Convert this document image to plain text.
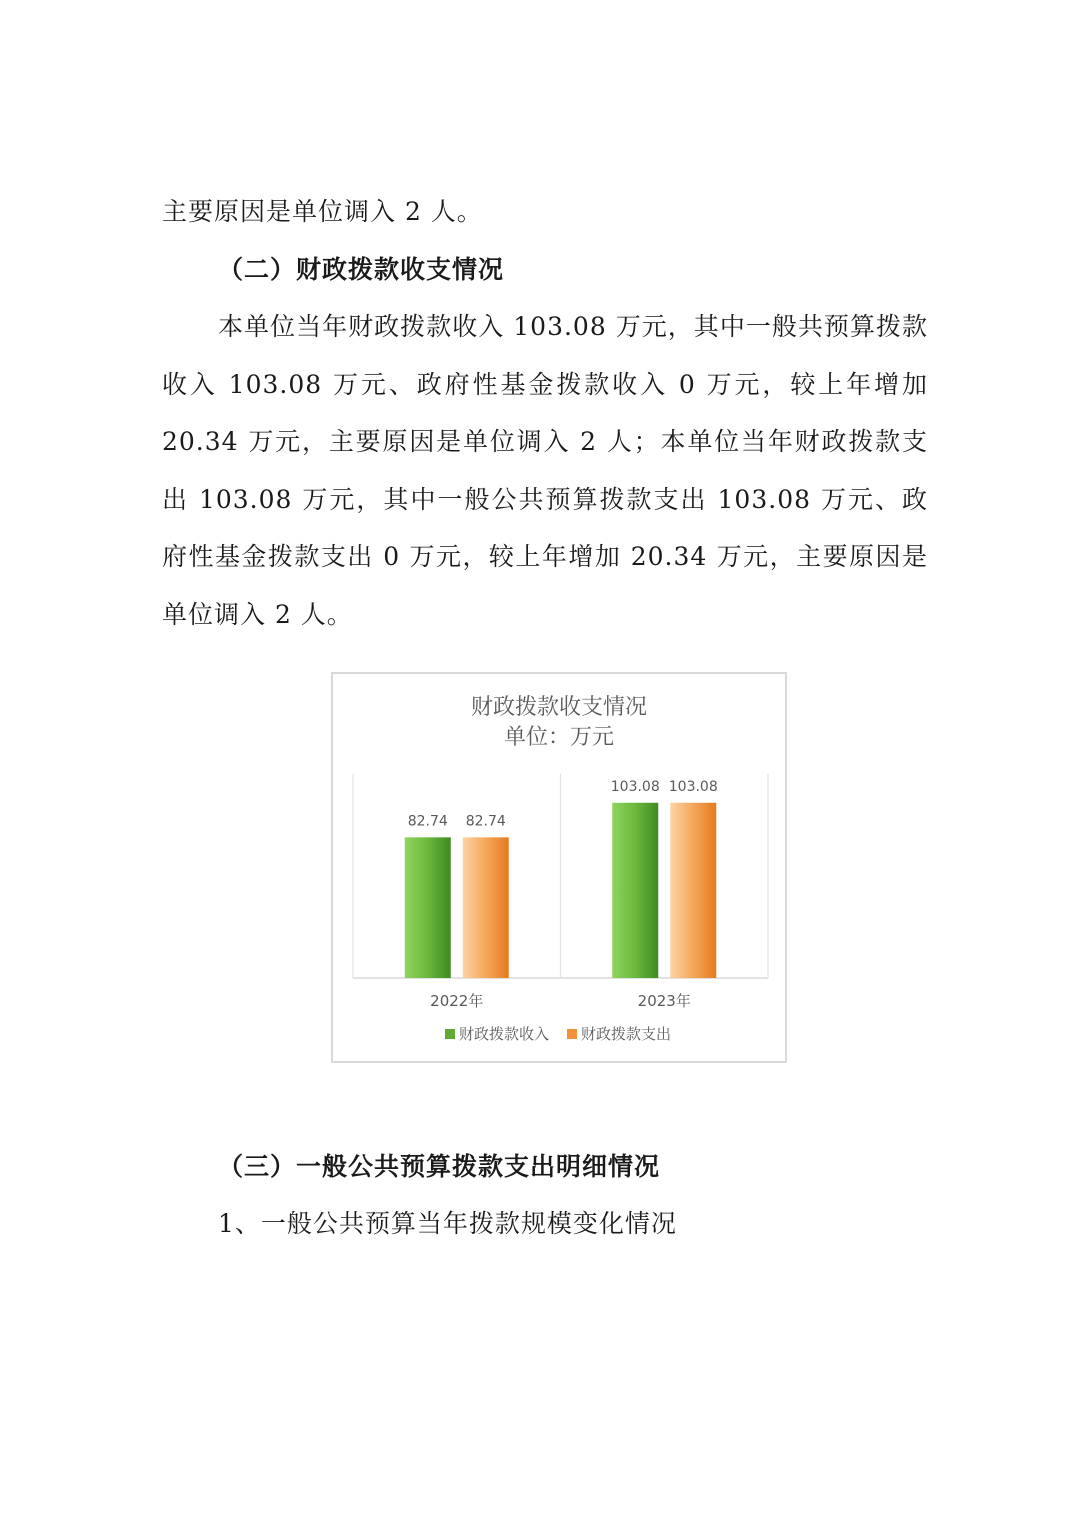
主要原因是单位调入 2 人。

（二）财政拨款收支情况

本单位当年财政拨款收入 103.08 万元，其中一般共预算拨款收入 103.08 万元、政府性基金拨款收入 0 万元，较上年增加 20.34 万元，主要原因是单位调入 2 人；本单位当年财政拨款支出 103.08 万元，其中一般公共预算拨款支出 103.08 万元、政府性基金拨款支出 0 万元，较上年增加 20.34 万元，主要原因是单位调入 2 人。

财政拨款收支情况
单位：万元
82.74 82.74
2022年
103.08 103.08
2023年
财政拨款收入 财政拨款支出

（三）一般公共预算拨款支出明细情况

1、一般公共预算当年拨款规模变化情况
